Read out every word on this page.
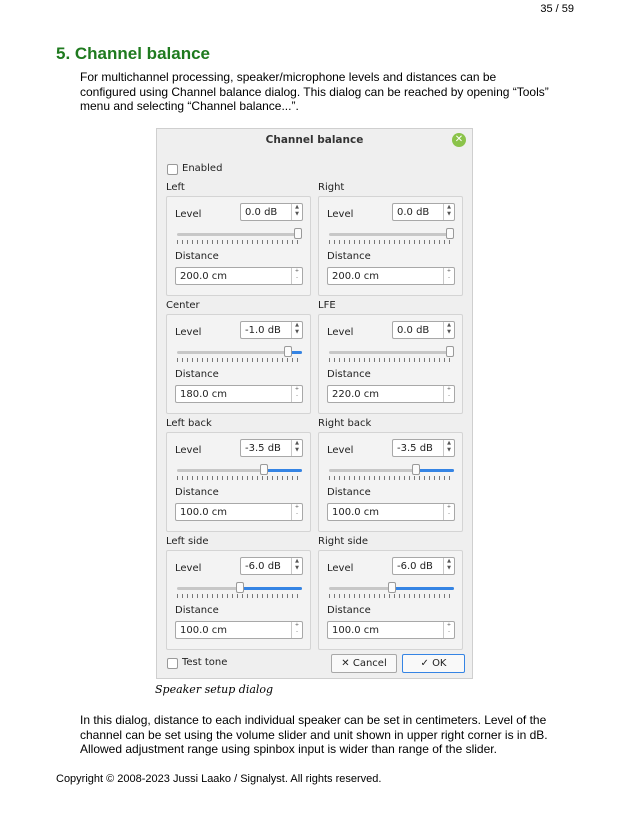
35 / 59
5. Channel balance

For multichannel processing, speaker/microphone levels and distances can be configured using Channel balance dialog. This dialog can be reached by opening “Tools” menu and selecting “Channel balance...”.

Channel balance	✕
Enabled
Left
Level	0.0 dB	▲
▼
Distance
200.0 cm	+
-
Right
Level	0.0 dB	▲
▼
Distance
200.0 cm	+
-
Center
Level	-1.0 dB	▲
▼
Distance
180.0 cm	+
-
LFE
Level	0.0 dB	▲
▼
Distance
220.0 cm	+
-
Left back
Level	-3.5 dB	▲
▼
Distance
100.0 cm	+
-
Right back
Level	-3.5 dB	▲
▼
Distance
100.0 cm	+
-
Left side
Level	-6.0 dB	▲
▼
Distance
100.0 cm	+
-
Right side
Level	-6.0 dB	▲
▼
Distance
100.0 cm	+
-
Test tone	✕ Cancel	✓ OK
Speaker setup dialog

In this dialog, distance to each individual speaker can be set in centimeters. Level of the channel can be set using the volume slider and unit shown in upper right corner is in dB. Allowed adjustment range using spinbox input is wider than range of the slider.

Copyright © 2008-2023 Jussi Laako / Signalyst. All rights reserved.
